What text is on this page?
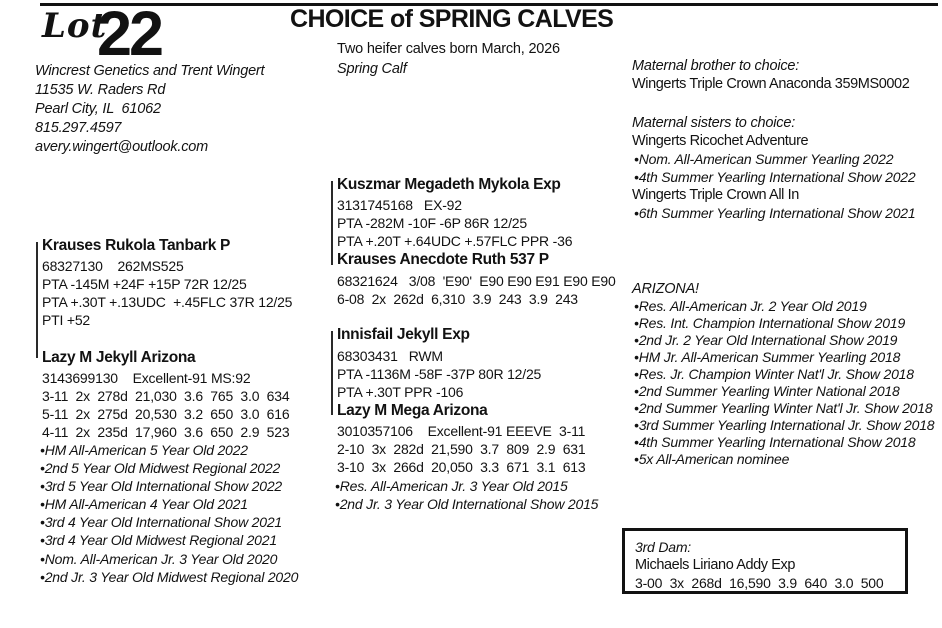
Lot
22	CHOICE of SPRING CALVES
Two heifer calves born March, 2026
Spring Calf
Wincrest Genetics and Trent Wingert
11535 W. Raders Rd
Pearl City, IL  61062
815.297.4597
avery.wingert@outlook.com
Krauses Rukola Tanbark P
68327130    262MS525
PTA -145M +24F +15P 72R 12/25
PTA +.30T +.13UDC  +.45FLC 37R 12/25
PTI +52
Lazy M Jekyll Arizona
3143699130    Excellent-91 MS:92
3-11  2x  278d  21,030  3.6  765  3.0  634
5-11  2x  275d  20,530  3.2  650  3.0  616
4-11  2x  235d  17,960  3.6  650  2.9  523
•HM All-American 5 Year Old 2022
•2nd 5 Year Old Midwest Regional 2022
•3rd 5 Year Old International Show 2022
•HM All-American 4 Year Old 2021
•3rd 4 Year Old International Show 2021
•3rd 4 Year Old Midwest Regional 2021
•Nom. All-American Jr. 3 Year Old 2020
•2nd Jr. 3 Year Old Midwest Regional 2020
Kuszmar Megadeth Mykola Exp
3131745168   EX-92
PTA -282M -10F -6P 86R 12/25
PTA +.20T +.64UDC +.57FLC PPR -36
Krauses Anecdote Ruth 537 P
68321624   3/08  'E90'  E90 E90 E91 E90 E90
6-08  2x  262d  6,310  3.9  243  3.9  243
Innisfail Jekyll Exp
68303431   RWM
PTA -1136M -58F -37P 80R 12/25
PTA +.30T PPR -106
Lazy M Mega Arizona
3010357106    Excellent-91 EEEVE  3-11
2-10  3x  282d  21,590  3.7  809  2.9  631
3-10  3x  266d  20,050  3.3  671  3.1  613
•Res. All-American Jr. 3 Year Old 2015
•2nd Jr. 3 Year Old International Show 2015
Maternal brother to choice:
Wingerts Triple Crown Anaconda 359MS0002
Maternal sisters to choice:
Wingerts Ricochet Adventure
•Nom. All-American Summer Yearling 2022
•4th Summer Yearling International Show 2022
Wingerts Triple Crown All In
•6th Summer Yearling International Show 2021
ARIZONA!
•Res. All-American Jr. 2 Year Old 2019
•Res. Int. Champion International Show 2019
•2nd Jr. 2 Year Old International Show 2019
•HM Jr. All-American Summer Yearling 2018
•Res. Jr. Champion Winter Nat'l Jr. Show 2018
•2nd Summer Yearling Winter National 2018
•2nd Summer Yearling Winter Nat'l Jr. Show 2018
•3rd Summer Yearling International Jr. Show 2018
•4th Summer Yearling International Show 2018
•5x All-American nominee
3rd Dam:
Michaels Liriano Addy Exp
3-00  3x  268d  16,590  3.9  640  3.0  500
